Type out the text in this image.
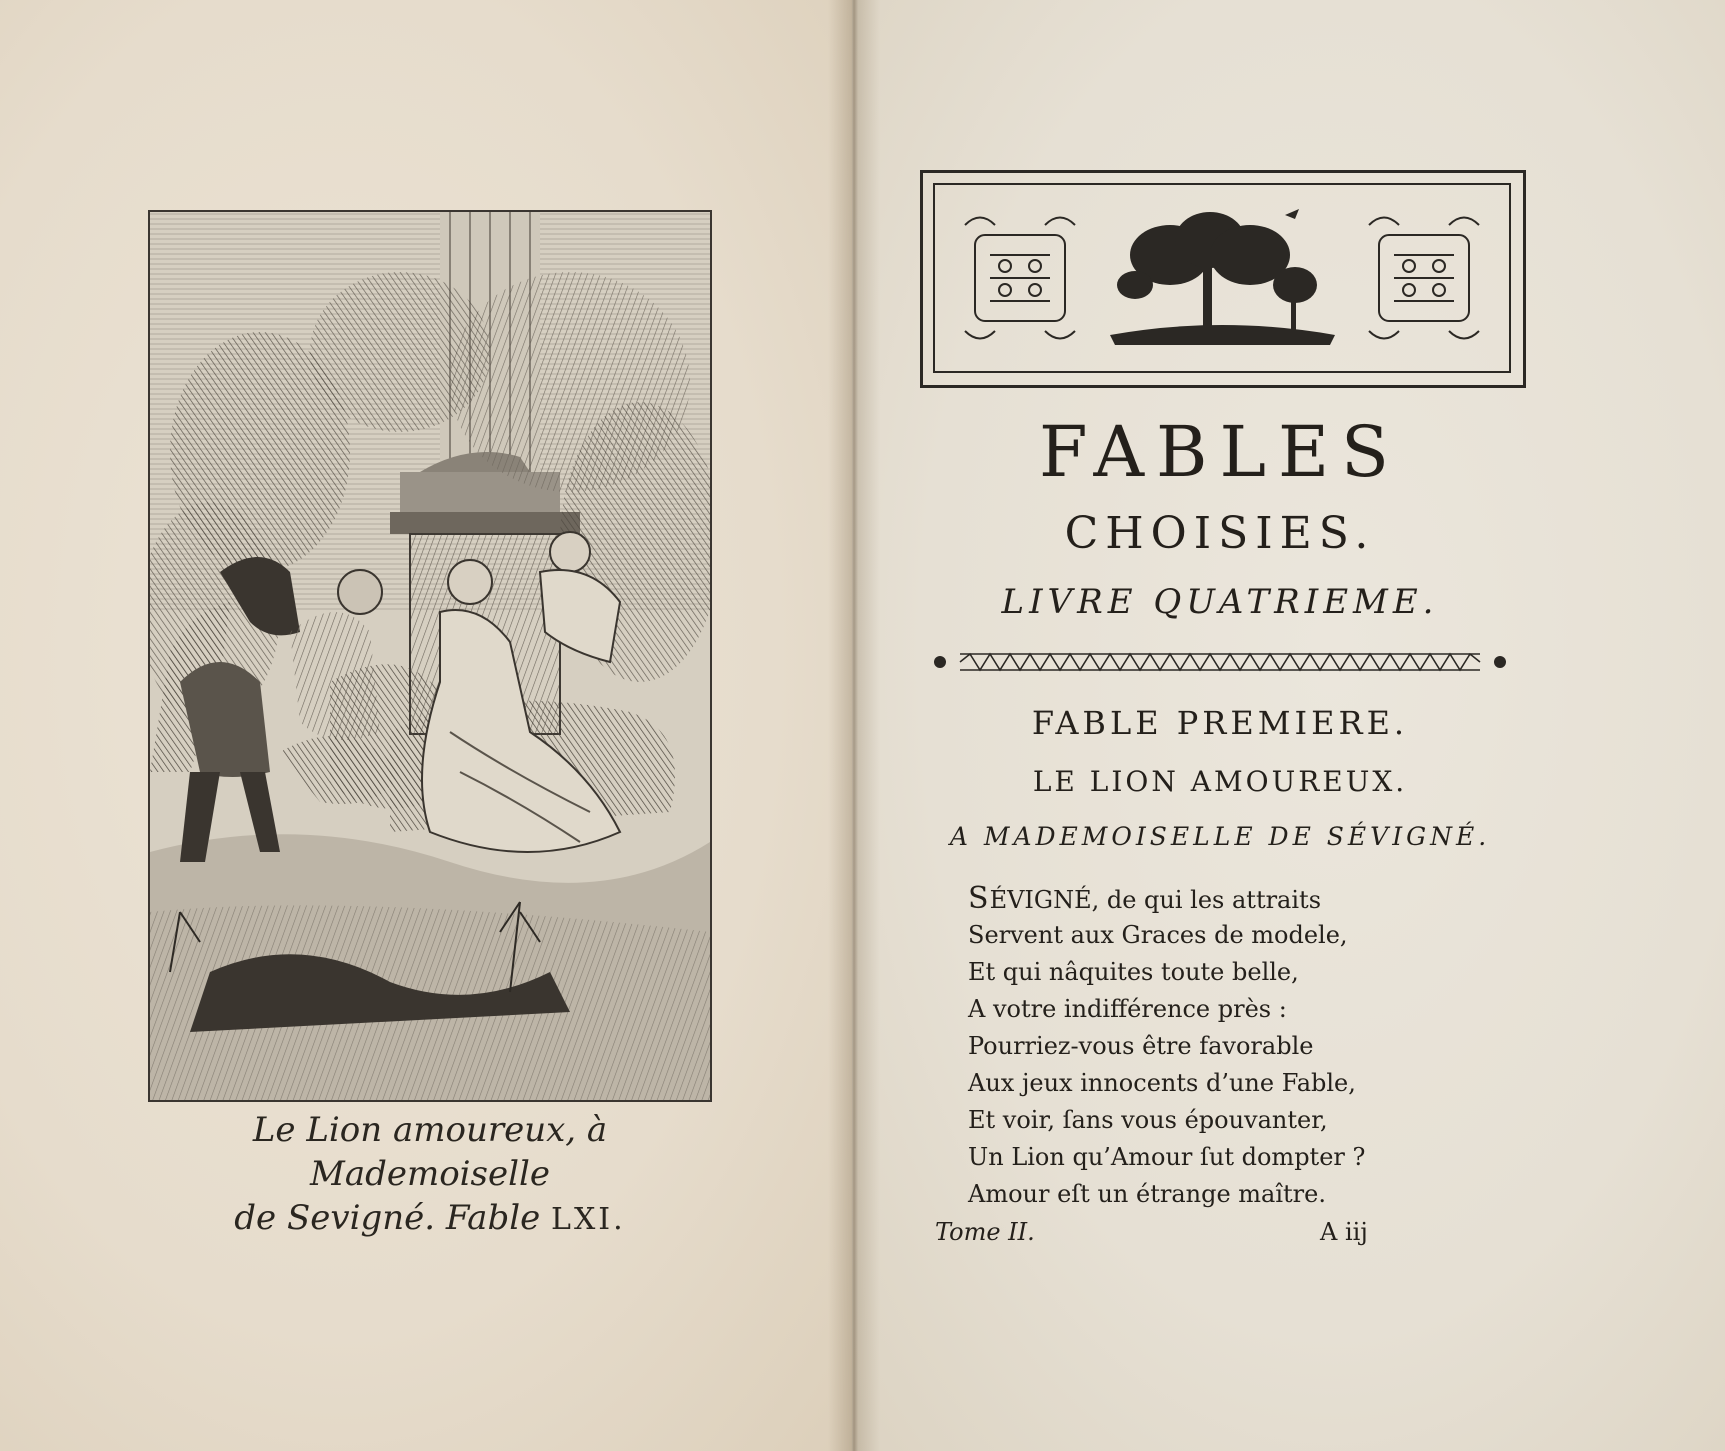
Le Lion amoureux, à Mademoiselle
de Sevigné. Fable LXI.
FABLES
CHOISIES.
LIVRE QUATRIEME.
FABLE PREMIERE.
LE LION AMOUREUX.
A MADEMOISELLE DE SÉVIGNÉ.
SÉVIGNÉ, de qui les attraits
Servent aux Graces de modele,
Et qui nâquites toute belle,
A votre indifférence près :
Pourriez-vous être favorable
Aux jeux innocents d’une Fable,
Et voir, ſans vous épouvanter,
Un Lion qu’Amour ſut dompter ?
Amour eſt un étrange maître.
Tome II.	A iij
